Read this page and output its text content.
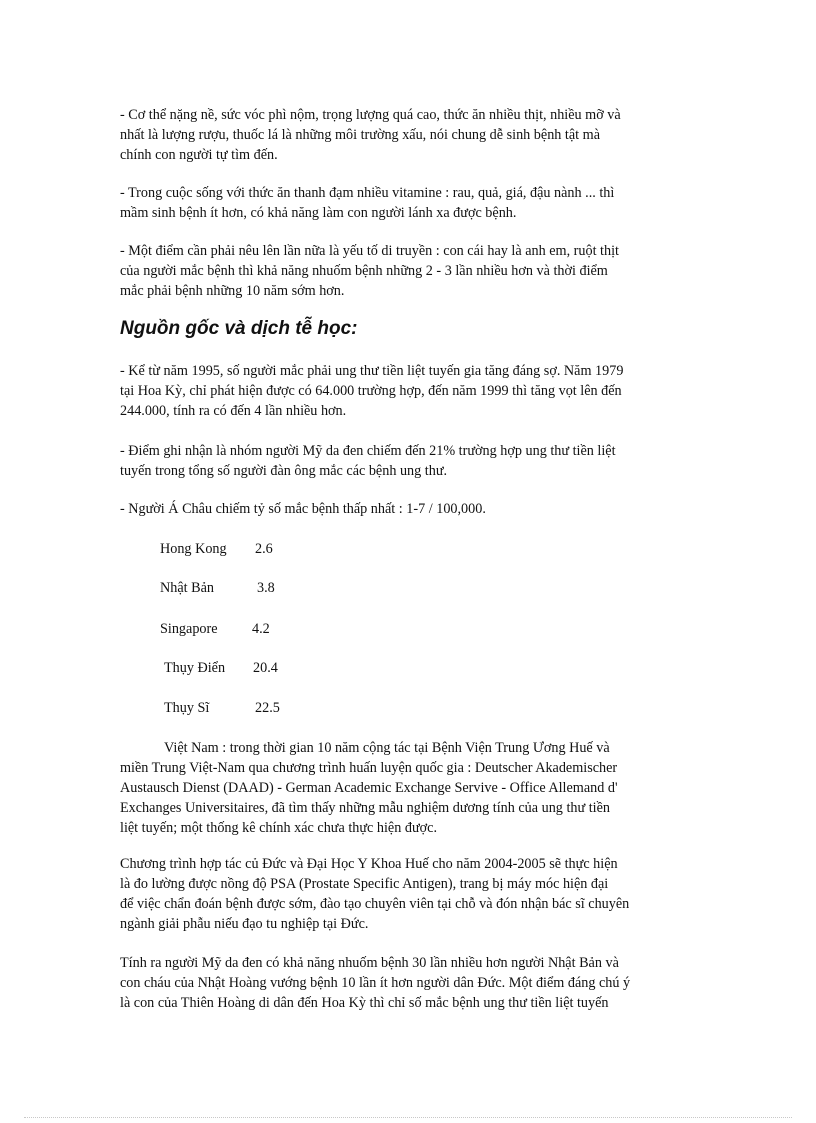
- Cơ thể nặng nề, sức vóc phì nộm, trọng lượng quá cao, thức ăn nhiều thịt, nhiều mỡ và
nhất là lượng rượu, thuốc lá là những môi trường xấu, nói chung dễ sinh bệnh tật mà
chính con người tự tìm đến.

- Trong cuộc sống với thức ăn thanh đạm nhiều vitamine : rau, quả, giá, đậu nành ... thì
mầm sinh bệnh ít hơn, có khả năng làm con người lánh xa được bệnh.

- Một điểm cần phải nêu lên lần nữa là yếu tố di truyền : con cái hay là anh em, ruột thịt
của người mắc bệnh thì khả năng nhuốm bệnh những 2 - 3 lần nhiều hơn và thời điểm
mắc phải bệnh những 10 năm sớm hơn.

Nguồn gốc và dịch tễ học:

- Kể từ năm 1995, số người mắc phải ung thư tiền liệt tuyến gia tăng đáng sợ. Năm 1979
tại Hoa Kỳ, chỉ phát hiện được có 64.000 trường hợp, đến năm 1999 thì tăng vọt lên đến
244.000, tính ra có đến 4 lần nhiều hơn.

- Điểm ghi nhận là nhóm người Mỹ da đen chiếm đến 21% trường hợp ung thư tiền liệt
tuyến trong tổng số người đàn ông mắc các bệnh ung thư.

- Người Á Châu chiếm tỷ số mắc bệnh thấp nhất : 1-7 / 100,000.

Hong Kong 2.6
Nhật Bản	3.8
Singapore 4.2
Thụy Điển 20.4
Thụy Sĩ	22.5

Việt Nam : trong thời gian 10 năm cộng tác tại Bệnh Viện Trung Ương Huế và
miền Trung Việt-Nam qua chương trình huấn luyện quốc gia : Deutscher Akademischer
Austausch Dienst (DAAD) - German Academic Exchange Servive - Office Allemand d'
Exchanges Universitaires, đã tìm thấy những mẫu nghiệm dương tính của ung thư tiền
liệt tuyến; một thống kê chính xác chưa thực hiện được.

Chương trình hợp tác củ Đức và Đại Học Y Khoa Huế cho năm 2004-2005 sẽ thực hiện
là đo lường được nồng độ PSA (Prostate Specific Antigen), trang bị máy móc hiện đại
để việc chẩn đoán bệnh được sớm, đào tạo chuyên viên tại chỗ và đón nhận bác sĩ chuyên
ngành giải phẫu niếu đạo tu nghiệp tại Đức.

Tính ra người Mỹ da đen có khả năng nhuốm bệnh 30 lần nhiều hơn người Nhật Bản và
con cháu của Nhật Hoàng vướng bệnh 10 lần ít hơn người dân Đức. Một điểm đáng chú ý
là con của Thiên Hoàng di dân đến Hoa Kỳ thì chỉ số mắc bệnh ung thư tiền liệt tuyến
